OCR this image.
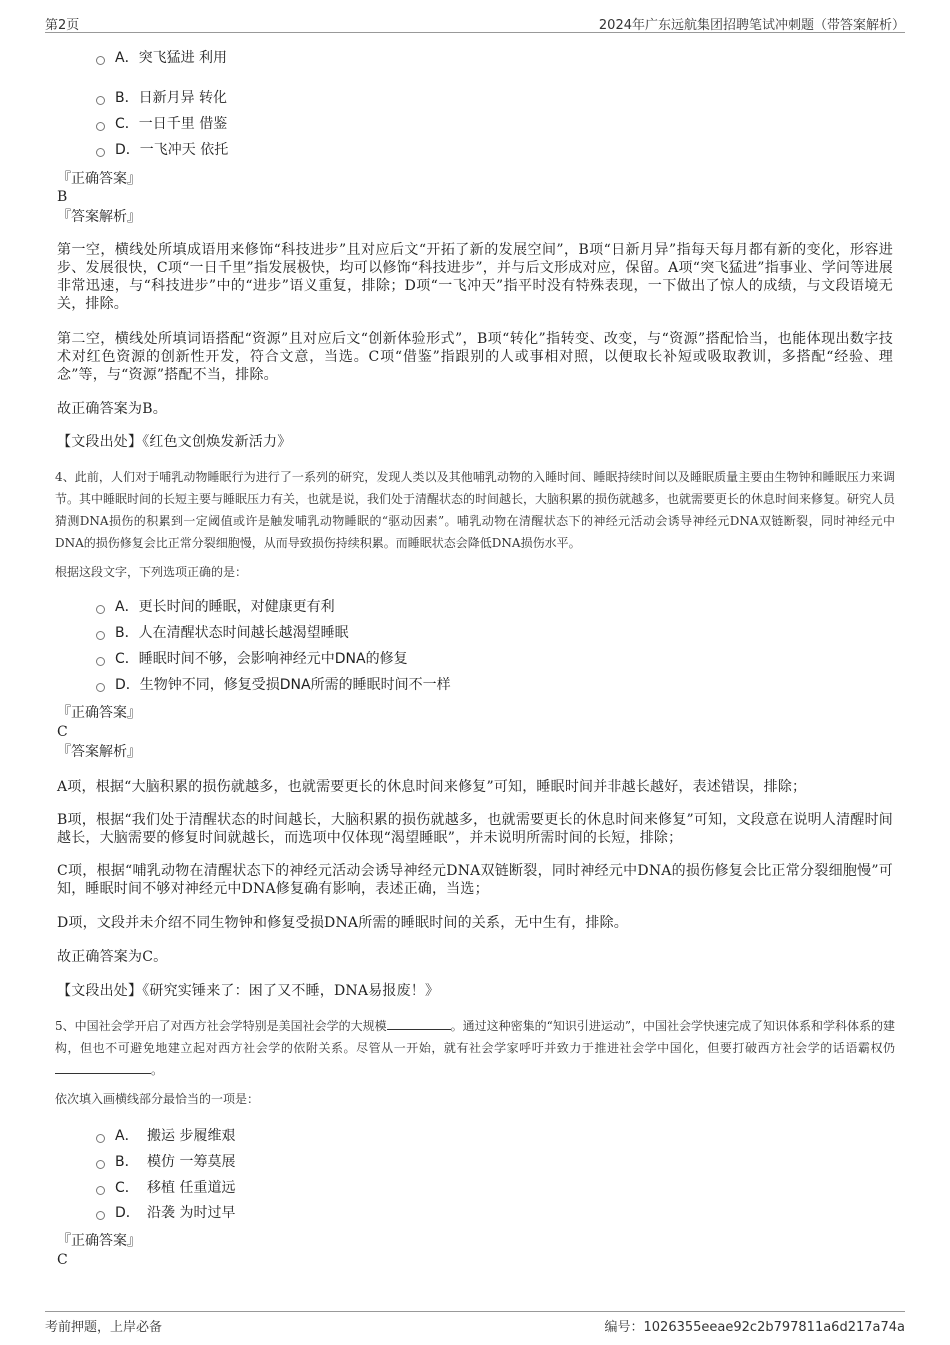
第2页	2024年广东远航集团招聘笔试冲刺题（带答案解析）
A． 突飞猛进 利用
B． 日新月异 转化
C． 一日千里 借鉴
D． 一飞冲天 依托
『正确答案』
B
『答案解析』
第一空，横线处所填成语用来修饰“科技进步”且对应后文“开拓了新的发展空间”，B项“日新月异”指每天每月都有新的变化，形容进步、发展很快，C项“一日千里”指发展极快，均可以修饰“科技进步”，并与后文形成对应，保留。A项“突飞猛进”指事业、学问等进展非常迅速，与“科技进步”中的“进步”语义重复，排除；D项“一飞冲天”指平时没有特殊表现，一下做出了惊人的成绩，与文段语境无关，排除。
第二空，横线处所填词语搭配“资源”且对应后文“创新体验形式”，B项“转化”指转变、改变，与“资源”搭配恰当，也能体现出数字技术对红色资源的创新性开发，符合文意，当选。C项“借鉴”指跟别的人或事相对照，以便取长补短或吸取教训，多搭配“经验、理念”等，与“资源”搭配不当，排除。
故正确答案为B。
【文段出处】《红色文创焕发新活力》
4、此前，人们对于哺乳动物睡眠行为进行了一系列的研究，发现人类以及其他哺乳动物的入睡时间、睡眠持续时间以及睡眠质量主要由生物钟和睡眠压力来调节。其中睡眠时间的长短主要与睡眠压力有关，也就是说，我们处于清醒状态的时间越长，大脑积累的损伤就越多，也就需要更长的休息时间来修复。研究人员猜测DNA损伤的积累到一定阈值或许是触发哺乳动物睡眠的“驱动因素”。哺乳动物在清醒状态下的神经元活动会诱导神经元DNA双链断裂，同时神经元中DNA的损伤修复会比正常分裂细胞慢，从而导致损伤持续积累。而睡眠状态会降低DNA损伤水平。
根据这段文字，下列选项正确的是：
A． 更长时间的睡眠，对健康更有利
B． 人在清醒状态时间越长越渴望睡眠
C． 睡眠时间不够，会影响神经元中DNA的修复
D． 生物钟不同，修复受损DNA所需的睡眠时间不一样
『正确答案』
C
『答案解析』
A项，根据“大脑积累的损伤就越多，也就需要更长的休息时间来修复”可知，睡眠时间并非越长越好，表述错误，排除；
B项，根据“我们处于清醒状态的时间越长，大脑积累的损伤就越多，也就需要更长的休息时间来修复”可知，文段意在说明人清醒时间越长，大脑需要的修复时间就越长，而选项中仅体现“渴望睡眠”，并未说明所需时间的长短，排除；
C项，根据“哺乳动物在清醒状态下的神经元活动会诱导神经元DNA双链断裂，同时神经元中DNA的损伤修复会比正常分裂细胞慢”可知，睡眠时间不够对神经元中DNA修复确有影响，表述正确，当选；
D项，文段并未介绍不同生物钟和修复受损DNA所需的睡眠时间的关系，无中生有，排除。
故正确答案为C。
【文段出处】《研究实锤来了：困了又不睡，DNA易报废！》
5、中国社会学开启了对西方社会学特别是美国社会学的大规模	。通过这种密集的“知识引进运动”，中国社会学快速完成了知识体系和学科体系的建构，但也不可避免地建立起对西方社会学的依附关系。尽管从一开始，就有社会学家呼吁并致力于推进社会学中国化，但要打破西方社会学的话语霸权仍。
依次填入画横线部分最恰当的一项是：
A． 搬运 步履维艰
B． 模仿 一筹莫展
C． 移植 任重道远
D． 沿袭 为时过早
『正确答案』
C
考前押题，上岸必备	编号：1026355eeae92c2b797811a6d217a74a
